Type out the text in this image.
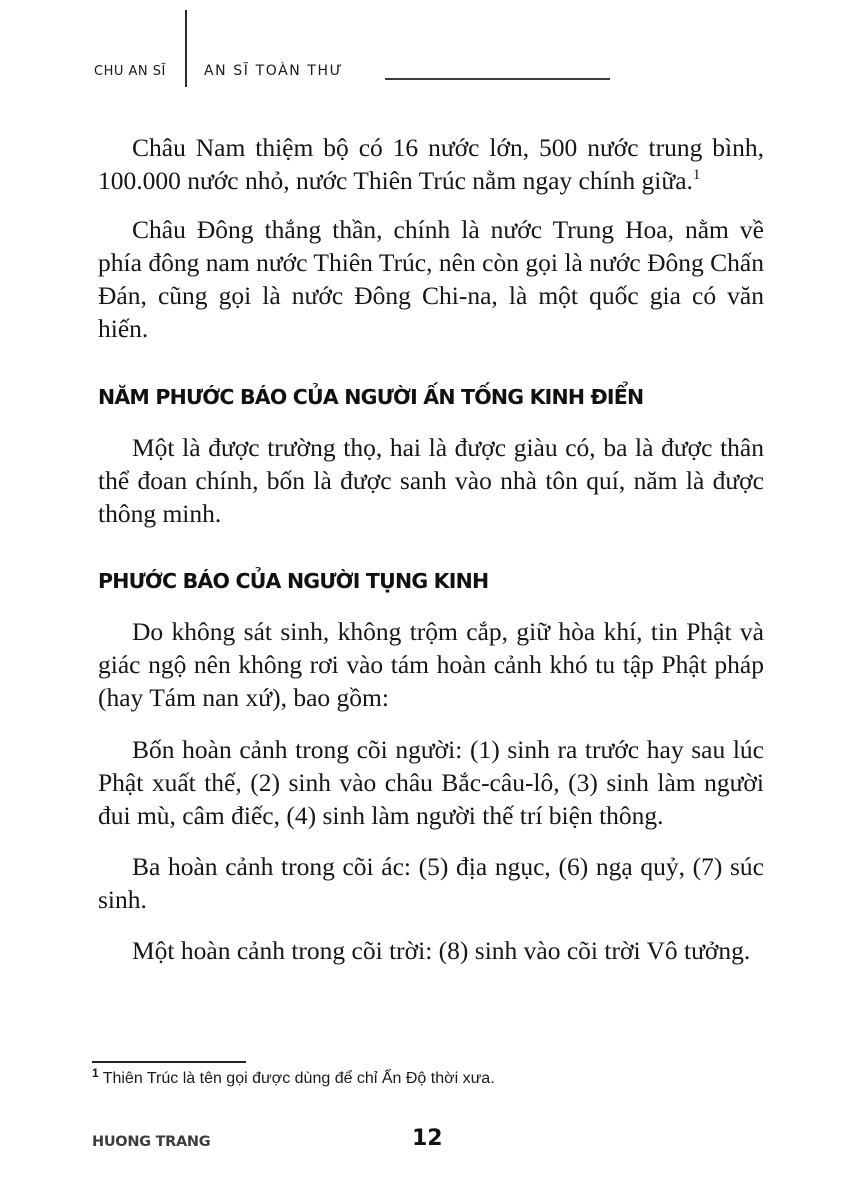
CHU AN SĨ	AN SĨ TOÀN THƯ

Châu Nam thiệm bộ có 16 nước lớn, 500 nước trung bình, 100.000 nước nhỏ, nước Thiên Trúc nằm ngay chính giữa.$^1$

Châu Đông thắng thần, chính là nước Trung Hoa, nằm về phía đông nam nước Thiên Trúc, nên còn gọi là nước Đông Chấn Đán, cũng gọi là nước Đông Chi-na, là một quốc gia có văn hiến.

NĂM PHƯỚC BÁO CỦA NGƯỜI ẤN TỐNG KINH ĐIỂN

Một là được trường thọ, hai là được giàu có, ba là được thân thể đoan chính, bốn là được sanh vào nhà tôn quí, năm là được thông minh.

PHƯỚC BÁO CỦA NGƯỜI TỤNG KINH

Do không sát sinh, không trộm cắp, giữ hòa khí, tin Phật và giác ngộ nên không rơi vào tám hoàn cảnh khó tu tập Phật pháp (hay Tám nan xứ), bao gồm:

Bốn hoàn cảnh trong cõi người: (1) sinh ra trước hay sau lúc Phật xuất thế, (2) sinh vào châu Bắc-câu-lô, (3) sinh làm người đui mù, câm điếc, (4) sinh làm người thế trí biện thông.

Ba hoàn cảnh trong cõi ác: (5) địa ngục, (6) ngạ quỷ, (7) súc sinh.

Một hoàn cảnh trong cõi trời: (8) sinh vào cõi trời Vô tưởng.

$^1$ Thiên Trúc là tên gọi được dùng để chỉ Ấn Độ thời xưa.
HUONG TRANG	12
